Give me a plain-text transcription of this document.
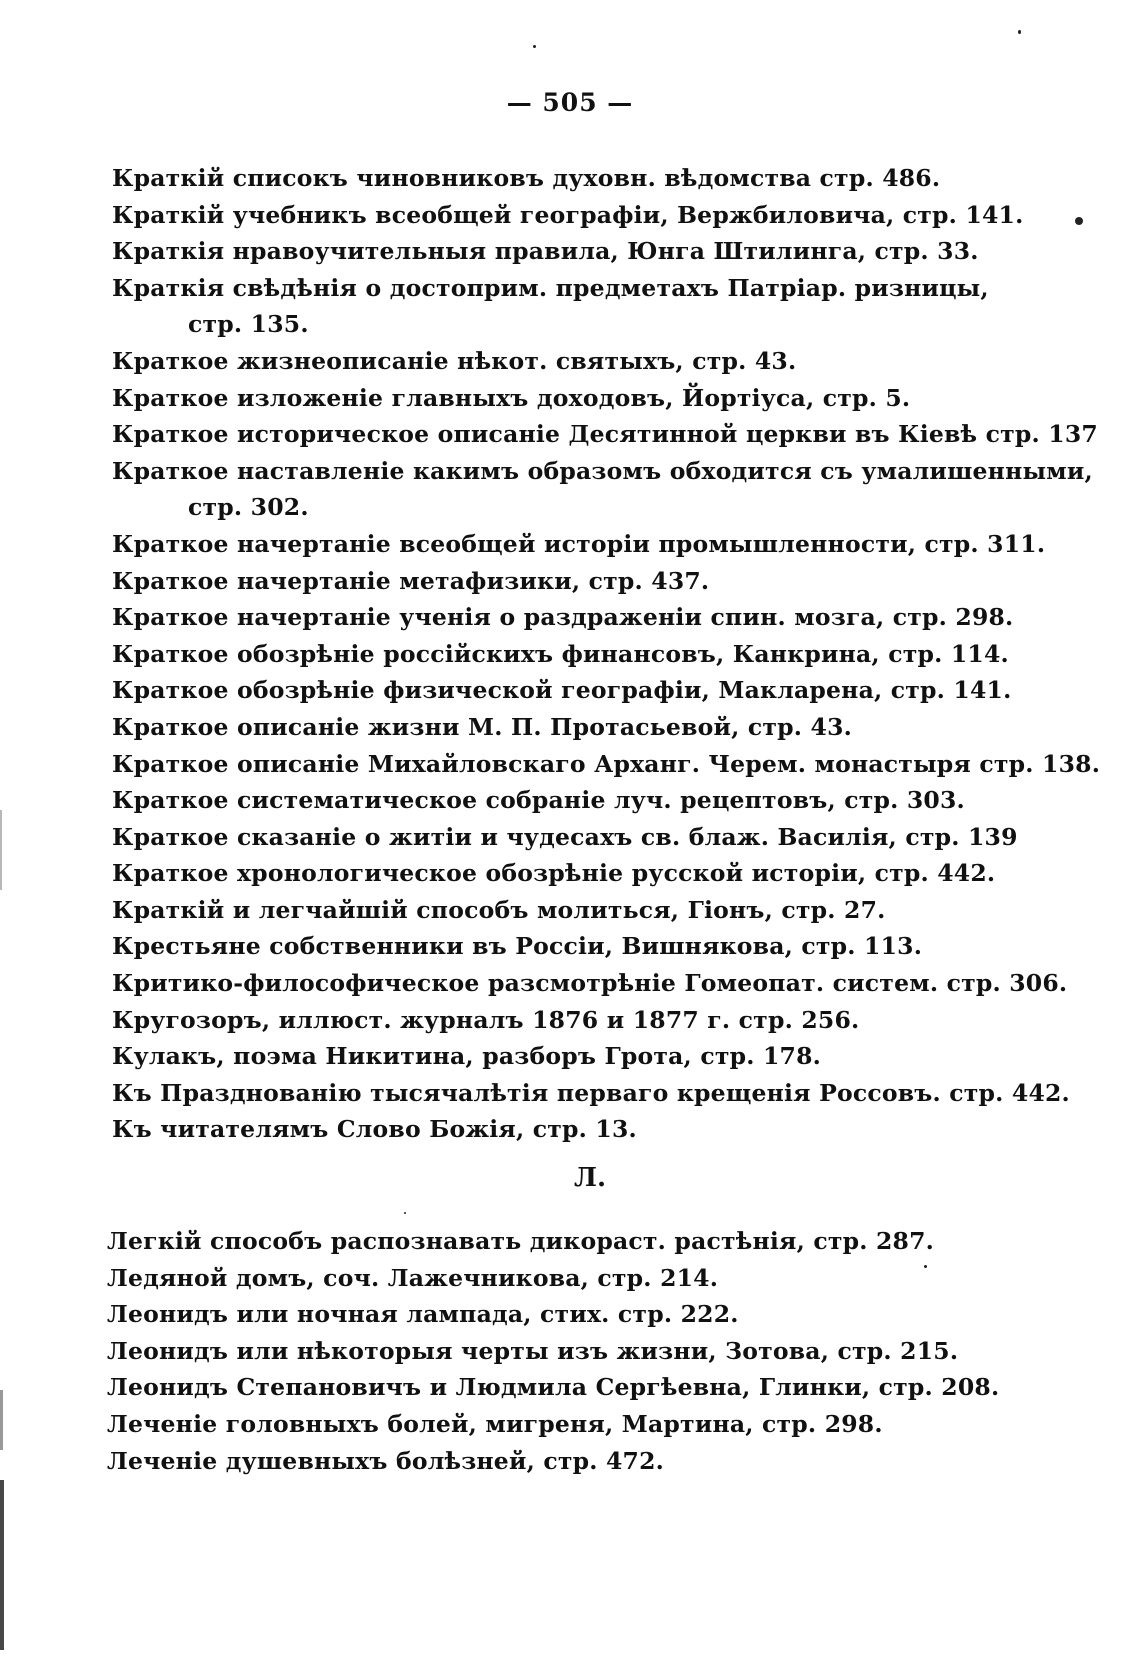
— 505 —
Краткій списокъ чиновниковъ духовн. вѣдомства стр. 486.
Краткій учебникъ всеобщей географіи, Вержбиловича, стр. 141.
Краткія нравоучительныя правила, Юнга Штилинга, стр. 33.
Краткія свѣдѣнія о достоприм. предметахъ Патріар. ризницы,
стр. 135.
Краткое жизнеописаніе нѣкот. святыхъ, стр. 43.
Краткое изложеніе главныхъ доходовъ, Йортіуса, стр. 5.
Краткое историческое описаніе Десятинной церкви въ Кіевѣ стр. 137
Краткое наставленіе какимъ образомъ обходится съ умалишенными,
стр. 302.
Краткое начертаніе всеобщей исторіи промышленности, стр. 311.
Краткое начертаніе метафизики, стр. 437.
Краткое начертаніе ученія о раздраженіи спин. мозга, стр. 298.
Краткое обозрѣніе россійскихъ финансовъ, Канкрина, стр. 114.
Краткое обозрѣніе физической географіи, Макларена, стр. 141.
Краткое описаніе жизни М. П. Протасьевой, стр. 43.
Краткое описаніе Михайловскаго Арханг. Черем. монастыря стр. 138.
Краткое систематическое собраніе луч. рецептовъ, стр. 303.
Краткое сказаніе о житіи и чудесахъ св. блаж. Василія, стр. 139
Краткое хронологическое обозрѣніе русской исторіи, стр. 442.
Краткій и легчайшій способъ молиться, Гіонъ, стр. 27.
Крестьяне собственники въ Россіи, Вишнякова, стр. 113.
Критико-философическое разсмотрѣніе Гомеопат. систем. стр. 306.
Кругозоръ, иллюст. журналъ 1876 и 1877 г. стр. 256.
Кулакъ, поэма Никитина, разборъ Грота, стр. 178.
Къ Празднованію тысячалѣтія перваго крещенія Россовъ. стр. 442.
Къ читателямъ Слово Божія, стр. 13.
Л.
Легкій способъ распознавать дикораст. растѣнія, стр. 287.
Ледяной домъ, соч. Лажечникова, стр. 214.
Леонидъ или ночная лампада, стих. стр. 222.
Леонидъ или нѣкоторыя черты изъ жизни, Зотова, стр. 215.
Леонидъ Степановичъ и Людмила Сергѣевна, Глинки, стр. 208.
Леченіе головныхъ болей, мигреня, Мартина, стр. 298.
Леченіе душевныхъ болѣзней, стр. 472.
